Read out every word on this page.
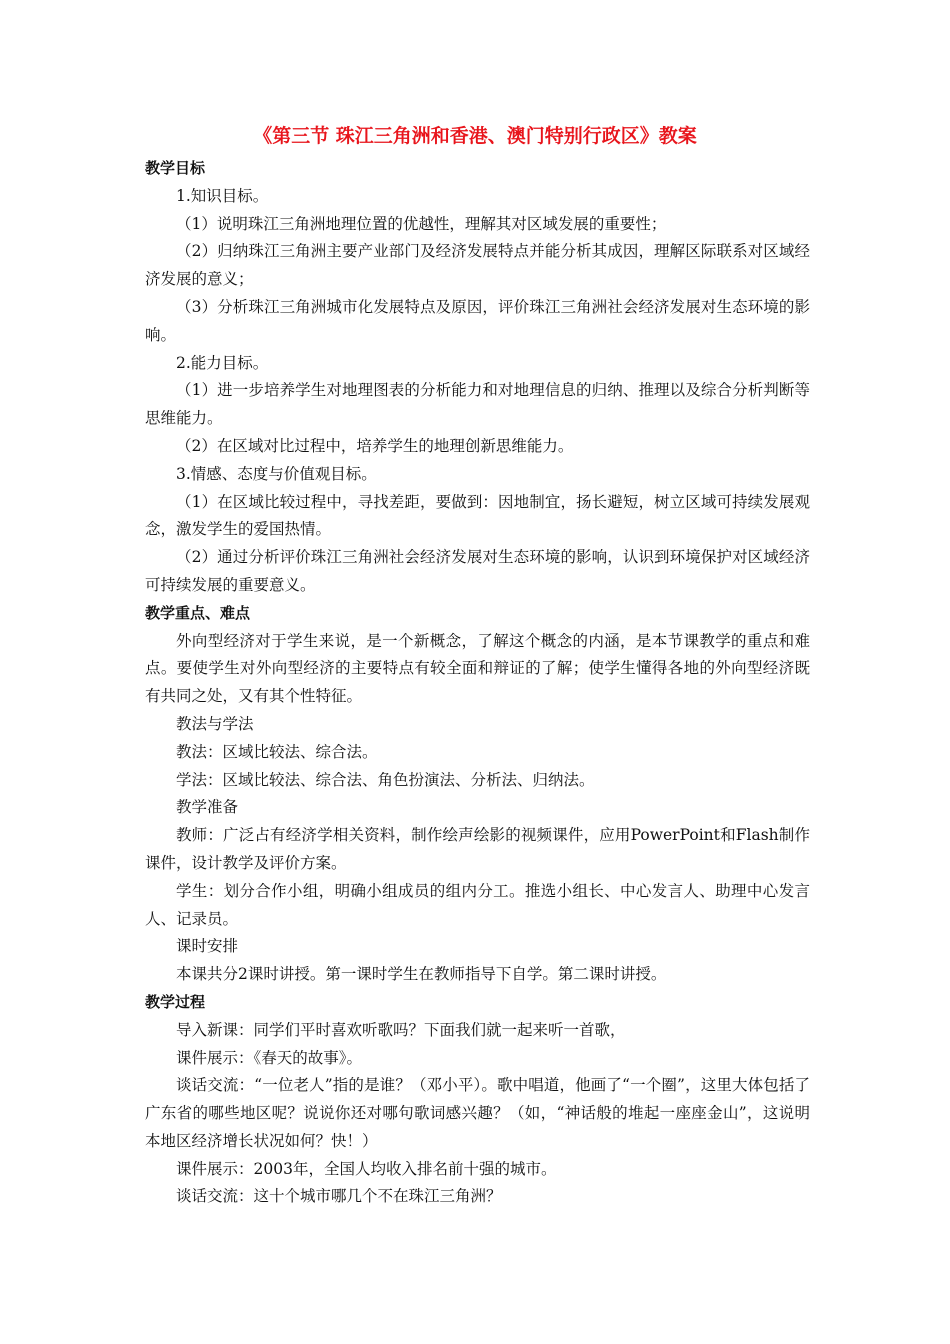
《第三节 珠江三角洲和香港、澳门特别行政区》教案

教学目标

1.知识目标。

（1）说明珠江三角洲地理位置的优越性，理解其对区域发展的重要性；

（2）归纳珠江三角洲主要产业部门及经济发展特点并能分析其成因，理解区际联系对区域经济发展的意义；

（3）分析珠江三角洲城市化发展特点及原因，评价珠江三角洲社会经济发展对生态环境的影响。

2.能力目标。

（1）进一步培养学生对地理图表的分析能力和对地理信息的归纳、推理以及综合分析判断等思维能力。

（2）在区域对比过程中，培养学生的地理创新思维能力。

3.情感、态度与价值观目标。

（1）在区域比较过程中，寻找差距，要做到：因地制宜，扬长避短，树立区域可持续发展观念，激发学生的爱国热情。

（2）通过分析评价珠江三角洲社会经济发展对生态环境的影响，认识到环境保护对区域经济可持续发展的重要意义。

教学重点、难点

外向型经济对于学生来说，是一个新概念，了解这个概念的内涵，是本节课教学的重点和难点。要使学生对外向型经济的主要特点有较全面和辩证的了解；使学生懂得各地的外向型经济既有共同之处，又有其个性特征。

教法与学法

教法：区域比较法、综合法。

学法：区域比较法、综合法、角色扮演法、分析法、归纳法。

教学准备

教师：广泛占有经济学相关资料，制作绘声绘影的视频课件，应用PowerPoint和Flash制作课件，设计教学及评价方案。

学生：划分合作小组，明确小组成员的组内分工。推选小组长、中心发言人、助理中心发言人、记录员。

课时安排

本课共分2课时讲授。第一课时学生在教师指导下自学。第二课时讲授。

教学过程

导入新课：同学们平时喜欢听歌吗？下面我们就一起来听一首歌，

课件展示：《春天的故事》。

谈话交流：“一位老人”指的是谁？（邓小平）。歌中唱道，他画了“一个圈”，这里大体包括了广东省的哪些地区呢？说说你还对哪句歌词感兴趣？（如，“神话般的堆起一座座金山”，这说明本地区经济增长状况如何？快！）

课件展示：2003年，全国人均收入排名前十强的城市。

谈话交流：这十个城市哪几个不在珠江三角洲？
